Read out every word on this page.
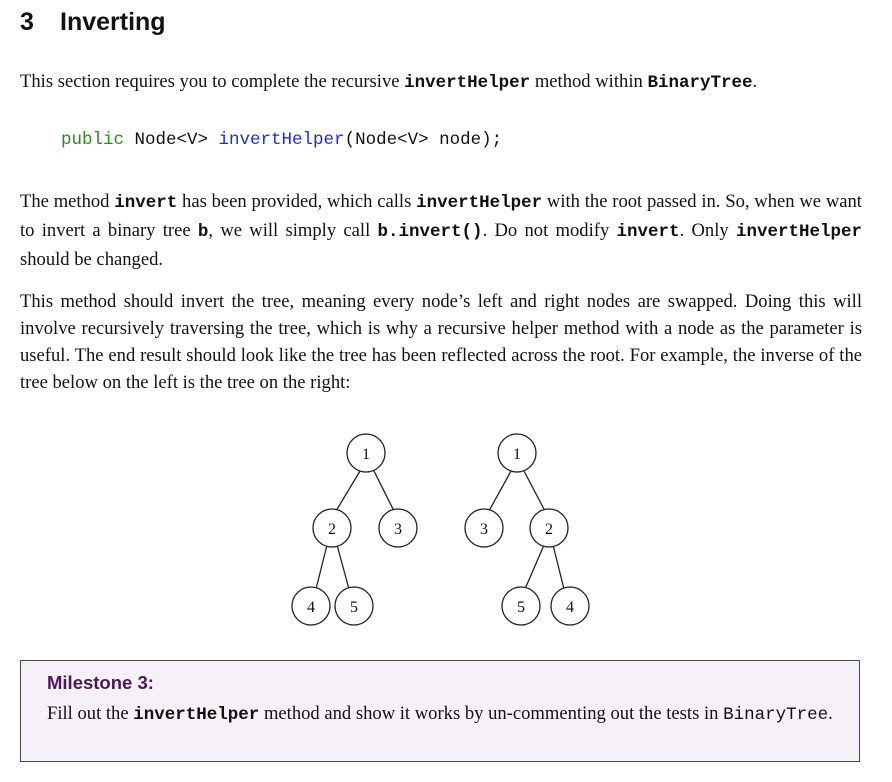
3 Inverting

This section requires you to complete the recursive invertHelper method within BinaryTree.

public Node<V> invertHelper(Node<V> node);

The method invert has been provided, which calls invertHelper with the root passed in. So, when we want to invert a binary tree b, we will simply call b.invert(). Do not modify invert. Only invertHelper should be changed.

This method should invert the tree, meaning every node’s left and right nodes are swapped. Doing this will involve recursively traversing the tree, which is why a recursive helper method with a node as the parameter is useful. The end result should look like the tree has been reflected across the root. For example, the inverse of the tree below on the left is the tree on the right:

1
2	3
4 5
1
3	2
5	4
Milestone 3:

Fill out the invertHelper method and show it works by un-commenting out the tests in BinaryTree.
